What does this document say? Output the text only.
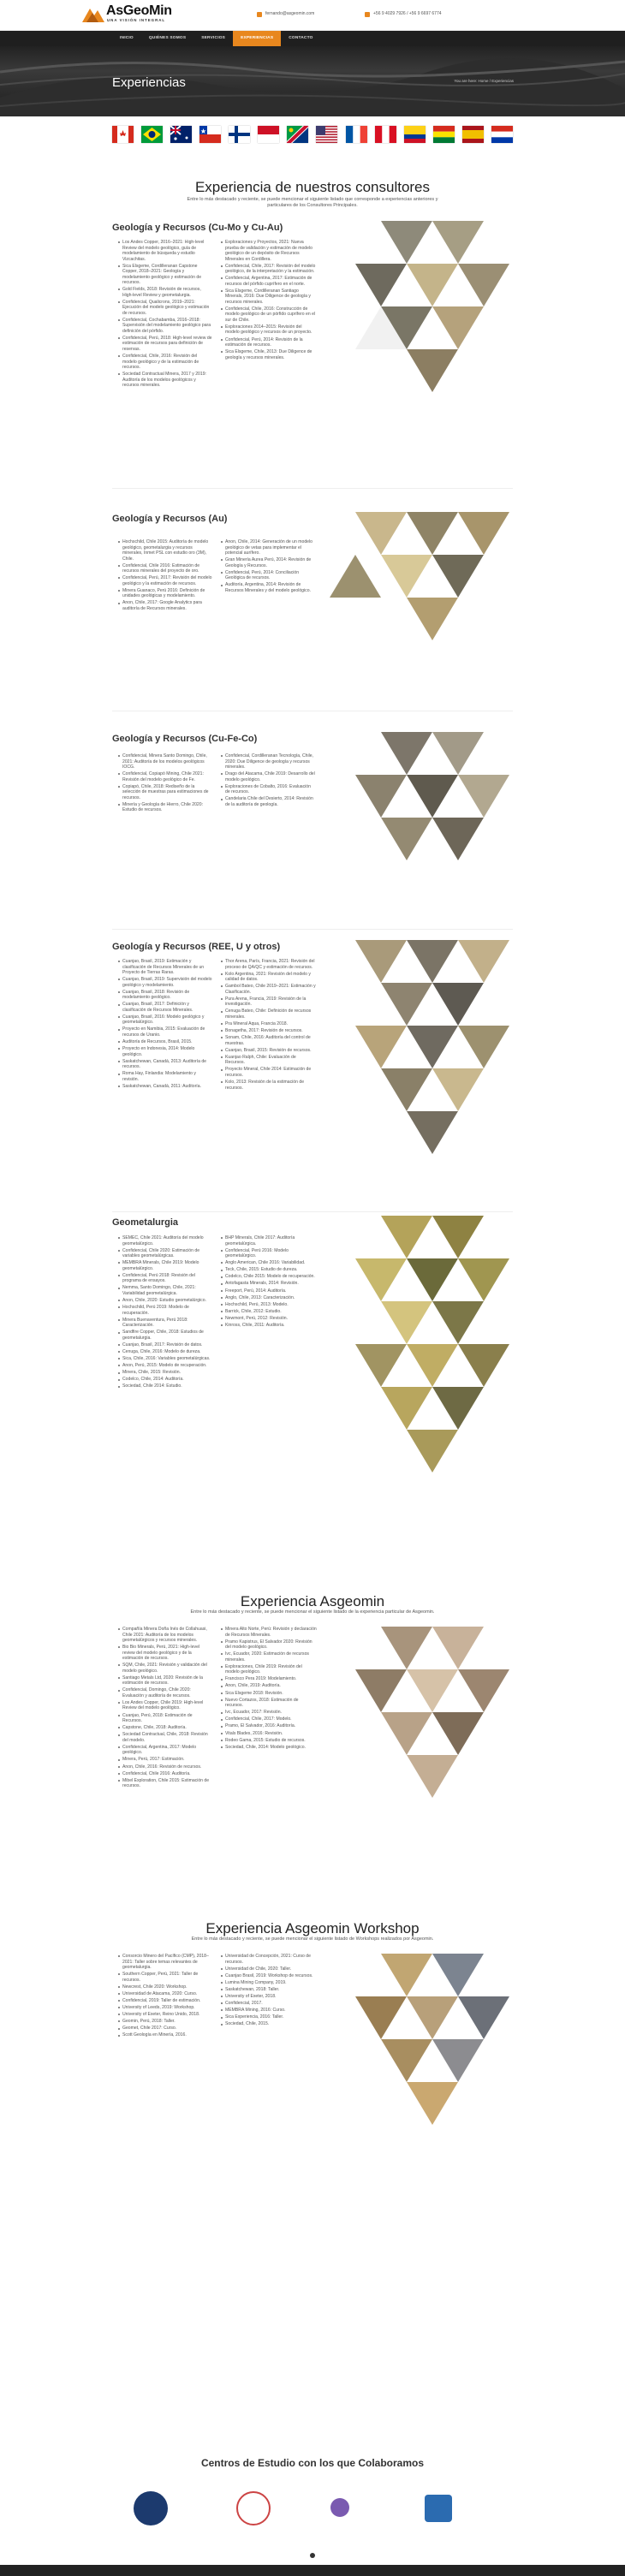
AsGeoMin
UNA VISIÓN INTEGRAL
fernando@asgeomin.com	+56 9 4029 7926 / +56 9 6697 6774
INICIO	QUIÉNES SOMOS	SERVICIOS	EXPERIENCIAS	CONTACTO
Experiencias	You are here: Home / Experiencias
Experiencia de nuestros consultores
Entre lo más destacado y reciente, se puede mencionar el siguiente listado que corresponde a experiencias anteriores y
particulares de los Consultores Principales.
Geología y Recursos (Cu-Mo y Cu-Au)
Los Andes Copper, 2016–2021: High-level Review del modelo geológico, guía de modelamiento de búsqueda y estudio Vizcachitas.
Sica Elsgeme, Cordilleranan Capstone Copper, 2018–2021: Geología y modelamiento geológico y estimación de recursos.
Gold Fields, 2018: Revisión de recursos, High-level Review y geometalurgia.
Confidencial, Qualicrons, 2019–2021: Ejecución del modelo geológico y estimación de recursos.
Confidencial, Cochabamba, 2016–2018: Supervisión del modelamiento geológico para definición del pórfido.
Confidencial, Perú, 2018: High-level review de estimación de recursos para definición de reservas.
Confidencial, Chile, 2016: Revisión del modelo geológico y de la estimación de recursos.
Sociedad Contractual Minera, 2017 y 2019: Auditoría de los modelos geológicos y recursos minerales.
Exploraciones y Proyectos, 2021: Nueva prueba de validación y estimación de modelo geológico de un depósito de Recursos Minerales en Cordillera.
Confidencial, Chile, 2017: Revisión del modelo geológico, de la interpretación y la estimación.
Confidencial, Argentina, 2017: Estimación de recursos del pórfido cuprífero en el norte.
Sica Elsgeme, Cordilleranan Santiago Minerals, 2016: Due Diligence de geología y recursos minerales.
Confidencial, Chile, 2016: Construcción de modelo geológico de un pórfido cuprífero en el sur de Chile.
Exploraciones 2014–2015: Revisión del modelo geológico y recursos de un proyecto.
Confidencial, Perú, 2014: Revisión de la estimación de recursos.
Sica Elsgeme, Chile, 2013: Due Diligence de geología y recursos minerales.
Geología y Recursos (Au)
Hochschild, Chile 2015: Auditoría de modelo geológico, geometalurgia y recursos minerales, Inmet PSL con estudio oro (3M), Chile.
Confidencial, Chile 2016: Estimación de recursos minerales del proyecto de oro.
Confidencial, Perú, 2017: Revisión del modelo geológico y la estimación de recursos.
Minera Guanaco, Perú 2016: Definición de unidades geológicas y modelamiento.
Anon, Chile, 2017: Google Analytics para auditoría de Recursos minerales.
Anon, Chile, 2014: Generación de un modelo geológico de vetas para implementar el potencial aurífero.
Gran Minería Aurea Perú, 2014: Revisión de Geología y Recursos.
Confidencial, Perú, 2014: Conciliación Geológica de recursos.
Auditoría, Argentina, 2014: Revisión de Recursos Minerales y del modelo geológico.
Geología y Recursos (Cu-Fe-Co)
Confidencial, Minera Santo Domingo, Chile, 2021: Auditoría de los modelos geológicos IOCG.
Confidencial, Copiapó Mining, Chile 2021: Revisión del modelo geológico de Fe.
Copiapó, Chile, 2018: Rediseño de la selección de muestras para estimaciones de recursos.
Minería y Geología de Hierro, Chile 2020: Estudio de recursos.
Confidencial, Cordilleranan Tecnología, Chile, 2020: Due Diligence de geología y recursos minerales.
Drago del Atacama, Chile 2019: Desarrollo del modelo geológico.
Exploraciones de Cobalto, 2016: Evaluación de recursos.
Candelaria Chile del Desierto, 2014: Revisión de la auditoría de geología.
Geología y Recursos (REE, U y otros)
Cuanjao, Brasil, 2019: Estimación y clasificación de Recursos Minerales de un Proyecto de Tierras Raras.
Cuanjao, Brasil, 2019: Supervisión del modelo geológico y modelamiento.
Cuanjao, Brasil, 2018: Revisión de modelamiento geológico.
Cuanjao, Brasil, 2017: Definición y clasificación de Recursos Minerales.
Cuanjao, Brasil, 2016: Modelo geológico y geometalúrgico.
Proyecto en Namibia, 2015: Evaluación de recursos de Uranio.
Auditoría de Recursos, Brasil, 2015.
Proyecto en Indonesia, 2014: Modelo geológico.
Saskatchewan, Canadá, 2013: Auditoría de recursos.
Roma Hay, Finlandia: Modelamiento y revisión.
Saskatchewan, Canadá, 2011: Auditoría.
Thor Arena, París, Francia, 2021: Revisión del proceso de QA/QC y estimación de recursos.
Kolo Argentina, 2021: Revisión del modelo y calidad de datos.
Gambol Bateo, Chile 2019–2021: Estimación y Clasificación.
Pura Arena, Francia, 2019: Revisión de la investigación.
Cenuga Bateo, Chile: Definición de recursos minerales.
Pra Mineral Aqua, Francia 2018.
Bonagetha, 2017: Revisión de recursos.
Sonam, Chile, 2016: Auditoría del control de muestras.
Cuanjao, Brasil, 2015: Revisión de recursos.
Kuanjao Ralph, Chile: Evaluación de Recursos.
Proyecto Mineral, Chile 2014: Estimación de recursos.
Kolo, 2013: Revisión de la estimación de recursos.
Geometalurgia
SEMEC, Chile 2021: Auditoría del modelo geometalúrgico.
Confidencial, Chile 2020: Estimación de variables geometalúrgicas.
MEMBRA Minerals, Chile 2019: Modelo geometalúrgico.
Confidencial, Perú 2018: Revisión del programa de ensayos.
Nemma, Santo Domingo, Chile, 2021: Variabilidad geometalúrgica.
Anon, Chile, 2020: Estudio geometalúrgico.
Hochschild, Perú 2019: Modelo de recuperación.
Minera Buenaventura, Perú 2018: Caracterización.
Sandfire Copper, Chile, 2018: Estudios de geometalurgia.
Cuanjao, Brasil, 2017: Revisión de datos.
Cenuga, Chile, 2016: Modelo de dureza.
Sica, Chile, 2016: Variables geometalúrgicas.
Anon, Perú, 2015: Modelo de recuperación.
Minera, Chile, 2015: Revisión.
Codelco, Chile, 2014: Auditoría.
Sociedad, Chile 2014: Estudio.
BHP Minerals, Chile 2017: Auditoría geometalúrgica.
Confidencial, Perú 2016: Modelo geometalúrgico.
Anglo American, Chile 2016: Variabilidad.
Teck, Chile, 2015: Estudio de dureza.
Codelco, Chile 2015: Modelo de recuperación.
Antofagasta Minerals, 2014: Revisión.
Freeport, Perú, 2014: Auditoría.
Anglo, Chile, 2013: Caracterización.
Hochschild, Perú, 2013: Modelo.
Barrick, Chile, 2012: Estudio.
Newmont, Perú, 2012: Revisión.
Kinross, Chile, 2011: Auditoría.
Experiencia Asgeomin
Entre lo más destacado y reciente, se puede mencionar el siguiente listado de la experiencia particular de Asgeomin.
Compañía Minera Doña Inés de Collahuasi, Chile 2021: Auditoría de los modelos geometalúrgicos y recursos minerales.
Bio Bio Minerals, Perú, 2021: High-level review del modelo geológico y de la estimación de recursos.
SQM, Chile, 2021: Revisión y validación del modelo geológico.
Santiago Metals Ltd, 2020: Revisión de la estimación de recursos.
Confidencial, Domingo, Chile 2020: Evaluación y auditoría de recursos.
Los Andes Copper, Chile 2019: High-level Review del modelo geológico.
Cuanjao, Perú, 2018: Estimación de Recursos.
Capstone, Chile, 2018: Auditoría.
Sociedad Contractual, Chile, 2018: Revisión del modelo.
Confidencial, Argentina, 2017: Modelo geológico.
Minera, Perú, 2017: Estimación.
Anon, Chile, 2016: Revisión de recursos.
Confidencial, Chile 2016: Auditoría.
Mibel Exploration, Chile 2015: Estimación de recursos.
Minera Alto Norte, Perú: Revisión y declaración de Recursos Minerales.
Pramo Kapistrus, El Salvador 2020: Revisión del modelo geológico.
Ivc, Ecuador, 2020: Estimación de recursos minerales.
Exploraciones, Chile 2019: Revisión del modelo geológico.
Francisco Pera 2019: Modelamiento.
Anon, Chile, 2019: Auditoría.
Sica Elsgeme 2018: Revisión.
Nuevo Cortazos, 2018: Estimación de recursos.
Ivc, Ecuador, 2017: Revisión.
Confidencial, Chile, 2017: Modelo.
Pramo, El Salvador, 2016: Auditoría.
Vitals Blades, 2016: Revisión.
Rodeo Gama, 2015: Estudio de recursos.
Sociedad, Chile, 2014: Modelo geológico.
Experiencia Asgeomin Workshop
Entre lo más destacado y reciente, se puede mencionar el siguiente listado de Workshops realizados por Asgeomin.
Consorcio Minero del Pacífico (CMP), 2018–2021: Taller sobre temas relevantes de geometalurgia.
Southern Copper, Perú, 2021: Taller de recursos.
Newcrest, Chile 2020: Workshop.
Universidad de Atacama, 2020: Curso.
Confidencial, 2019: Taller de estimación.
University of Leeds, 2019: Workshop.
University of Exeter, Reino Unido, 2018.
Geomin, Perú, 2018: Taller.
Geomet, Chile 2017: Curso.
Scott Geología en Minería, 2016.
Universidad de Concepción, 2021: Curso de recursos.
Universidad de Chile, 2020: Taller.
Cuanjao Brasil, 2019: Workshop de recursos.
Lumina Mining Company, 2019.
Saskatchewan, 2018: Taller.
University of Exeter, 2018.
Confidencial, 2017.
MEMBRA Mining, 2016: Curso.
Sica Experiencia, 2016: Taller.
Sociedad, Chile, 2015.
Centros de Estudio con los que Colaboramos
